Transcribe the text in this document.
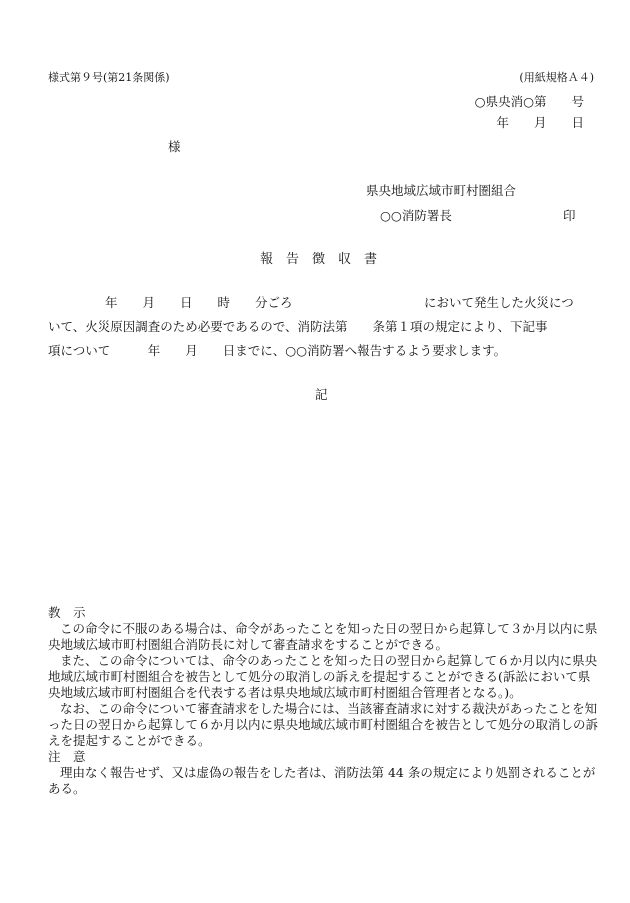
様式第９号(第21条関係)	(用紙規格Ａ４)
○県央消○第　　号
年　　月　　日
様
県央地域広域市町村圏組合
○○消防署長	印
報　告　徴　収　書
年　　月　　日　　時　　分ごろ	において発生した火災につ
いて、火災原因調査のため必要であるので、消防法第　　条第１項の規定により、下記事
項について　　　年　　月　　日までに、○○消防署へ報告するよう要求します。
記

教　示

この命令に不服のある場合は、命令があったことを知った日の翌日から起算して３か月以内に県央地域広域市町村圏組合消防長に対して審査請求をすることができる。

また、この命令については、命令のあったことを知った日の翌日から起算して６か月以内に県央地域広域市町村圏組合を被告として処分の取消しの訴えを提起することができる(訴訟において県央地域広域市町村圏組合を代表する者は県央地域広域市町村圏組合管理者となる。)。

なお、この命令について審査請求をした場合には、当該審査請求に対する裁決があったことを知った日の翌日から起算して６か月以内に県央地域広域市町村圏組合を被告として処分の取消しの訴えを提起することができる。

注　意

理由なく報告せず、又は虚偽の報告をした者は、消防法第 44 条の規定により処罰されることがある。
